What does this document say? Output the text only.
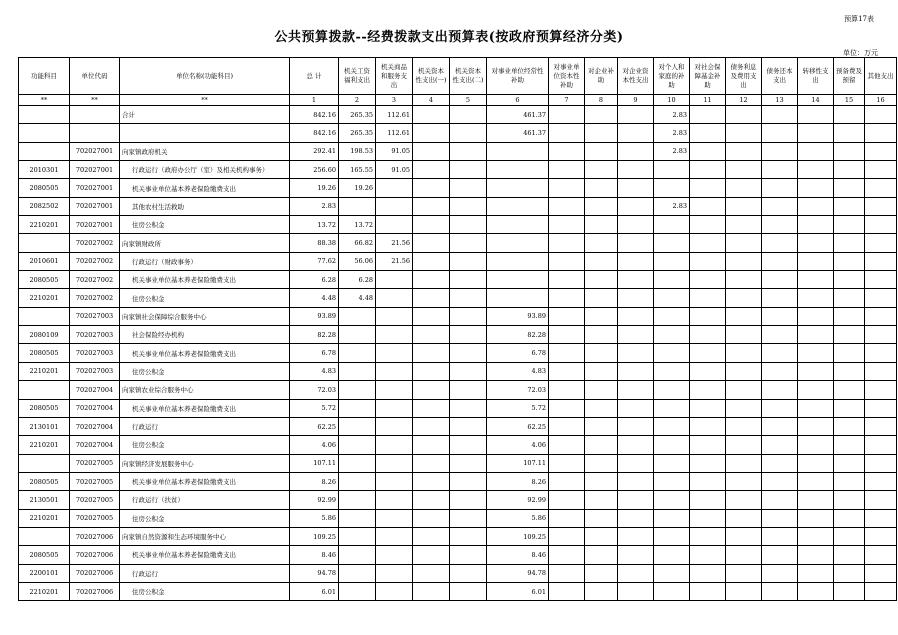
预算17表
公共预算拨款--经费拨款支出预算表(按政府预算经济分类)
单位：万元
功能科目	单位代码	单位名称(功能科目)	总 计	机关工资福利支出	机关商品和服务支出	机关资本性支出(一)	机关资本性支出(二)	对事业单位经常性补助	对事业单位资本性补助	对企业补助	对企业资本性支出	对个人和家庭的补助	对社会保障基金补助	债务利息及费用支出	债务还本支出	转移性支出	预备费及预留	其他支出
**	**	**	1	2	3	4	5	6	7	8	9	10	11	12	13	14	15	16
		合计	842.16	265.35	112.61			461.37				2.83						
			842.16	265.35	112.61			461.37				2.83						
	702027001	向家镇政府机关	292.41	198.53	91.05							2.83						
2010301	702027001	行政运行（政府办公厅（室）及相关机构事务）	256.60	165.55	91.05													
2080505	702027001	机关事业单位基本养老保险缴费支出	19.26	19.26														
2082502	702027001	其他农村生活救助	2.83									2.83						
2210201	702027001	住房公积金	13.72	13.72														
	702027002	向家镇财政所	88.38	66.82	21.56													
2010601	702027002	行政运行（财政事务）	77.62	56.06	21.56													
2080505	702027002	机关事业单位基本养老保险缴费支出	6.28	6.28														
2210201	702027002	住房公积金	4.48	4.48														
	702027003	向家镇社会保障综合服务中心	93.89					93.89										
2080109	702027003	社会保险经办机构	82.28					82.28										
2080505	702027003	机关事业单位基本养老保险缴费支出	6.78					6.78										
2210201	702027003	住房公积金	4.83					4.83										
	702027004	向家镇农业综合服务中心	72.03					72.03										
2080505	702027004	机关事业单位基本养老保险缴费支出	5.72					5.72										
2130101	702027004	行政运行	62.25					62.25										
2210201	702027004	住房公积金	4.06					4.06										
	702027005	向家镇经济发展服务中心	107.11					107.11										
2080505	702027005	机关事业单位基本养老保险缴费支出	8.26					8.26										
2130501	702027005	行政运行（扶贫）	92.99					92.99										
2210201	702027005	住房公积金	5.86					5.86										
	702027006	向家镇自然资源和生态环境服务中心	109.25					109.25										
2080505	702027006	机关事业单位基本养老保险缴费支出	8.46					8.46										
2200101	702027006	行政运行	94.78					94.78										
2210201	702027006	住房公积金	6.01					6.01										
